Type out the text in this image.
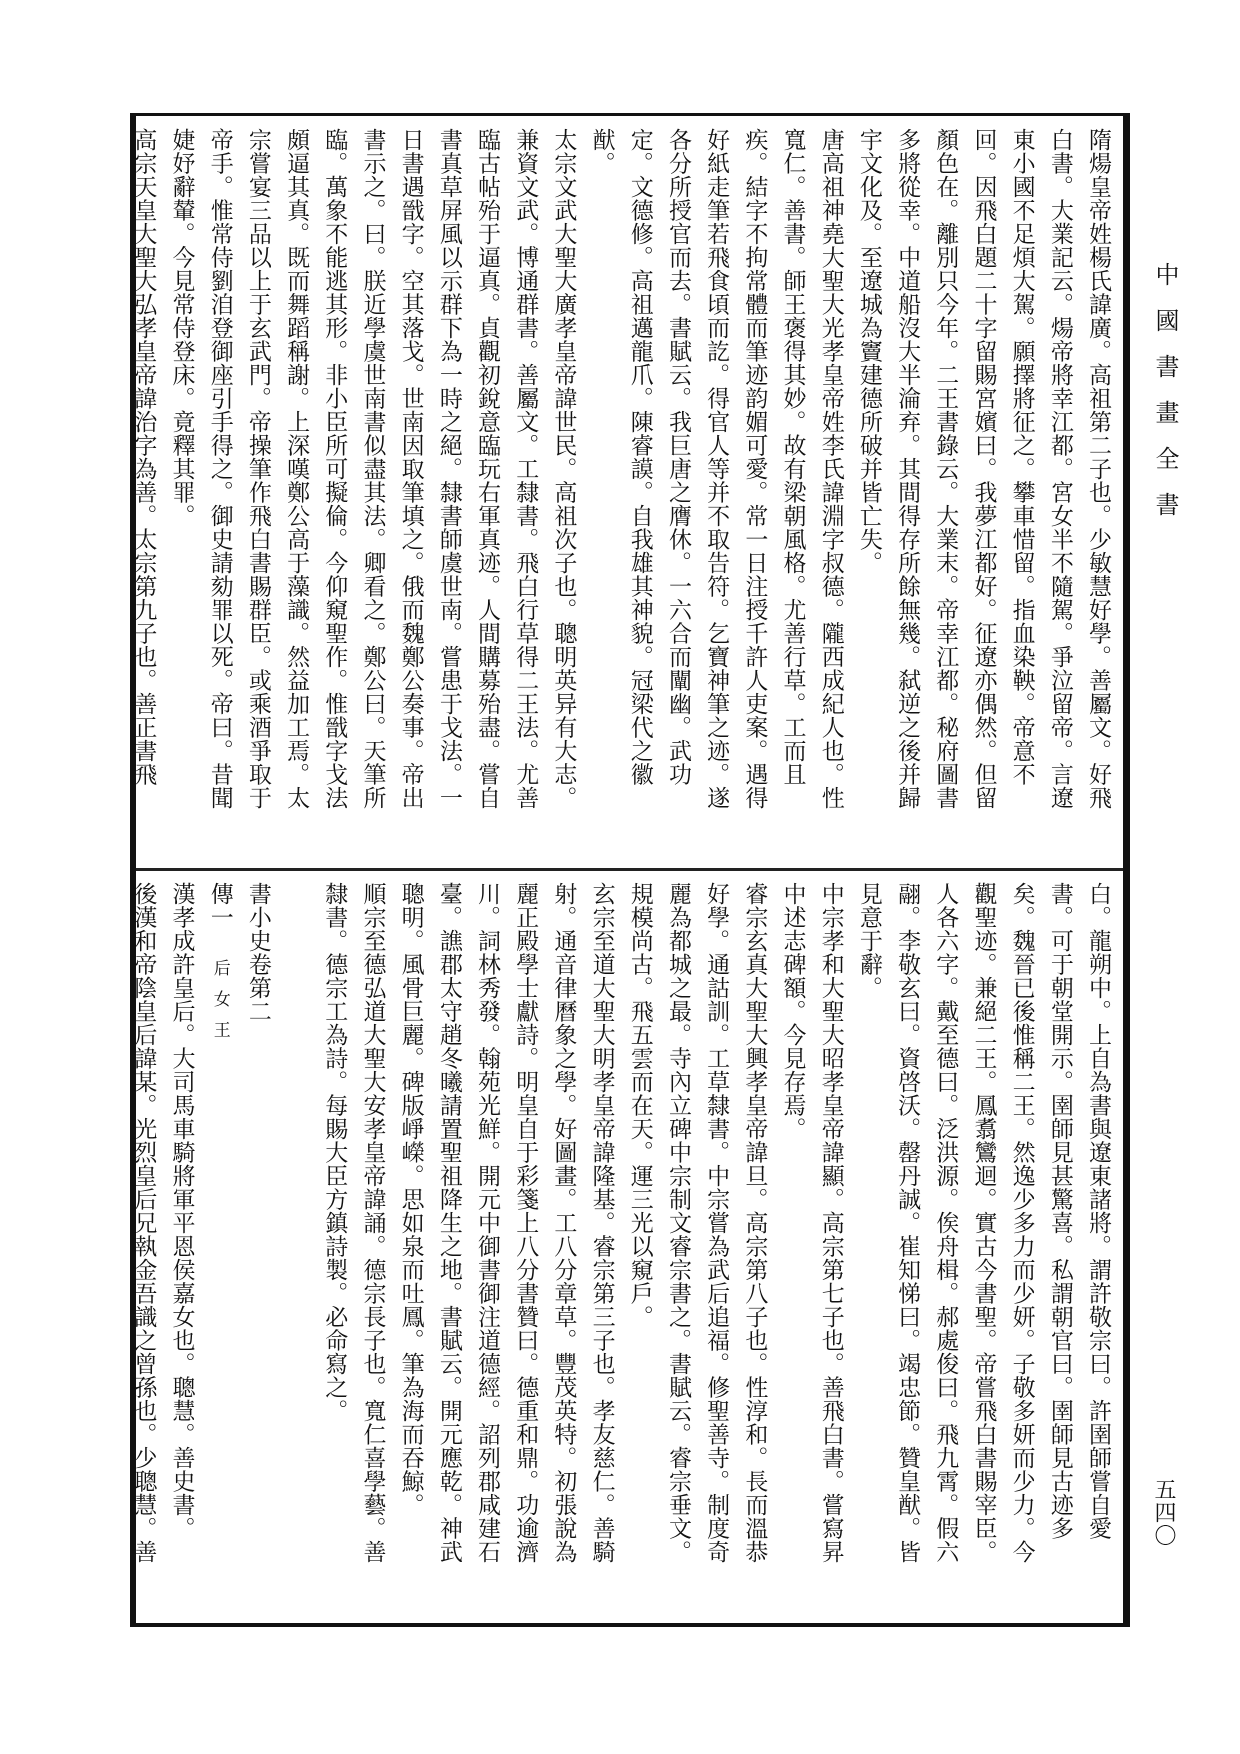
中國書畫全書
五四〇
隋煬皇帝姓楊氏諱廣。高祖第二子也。少敏慧好學。善屬文。好飛
白書。大業記云。煬帝將幸江都。宮女半不隨駕。爭泣留帝。言遼
東小國不足煩大駕。願擇將征之。攀車惜留。指血染鞅。帝意不
回。因飛白題二十字留賜宮嬪曰。我夢江都好。征遼亦偶然。但留
顏色在。離別只今年。二王書錄云。大業末。帝幸江都。秘府圖書
多將從幸。中道船沒大半淪弃。其間得存所餘無幾。弑逆之後并歸
宇文化及。至遼城為竇建德所破并皆亡失。
唐高祖神堯大聖大光孝皇帝姓李氏諱淵字叔德。隴西成紀人也。性
寬仁。善書。師王褒得其妙。故有梁朝風格。尤善行草。工而且
疾。結字不拘常體而筆迹韵媚可愛。常一日注授千許人吏案。遇得
好紙走筆若飛食頃而訖。得官人等并不取告符。乞寶神筆之迹。遂
各分所授官而去。書賦云。我巨唐之膺休。一六合而闡幽。武功
定。文德修。高祖邁龍爪。陳睿謨。自我雄其神貌。冠梁代之徽
猷。
太宗文武大聖大廣孝皇帝諱世民。高祖次子也。聰明英异有大志。
兼資文武。博通群書。善屬文。工隸書。飛白行草得二王法。尤善
臨古帖殆于逼真。貞觀初銳意臨玩右軍真迹。人間購募殆盡。嘗自
書真草屏風以示群下為一時之絕。隸書師虞世南。嘗患于戈法。一
日書遇戩字。空其落戈。世南因取筆填之。俄而魏鄭公奏事。帝出
書示之。曰。朕近學虞世南書似盡其法。卿看之。鄭公曰。天筆所
臨。萬象不能逃其形。非小臣所可擬倫。今仰窺聖作。惟戩字戈法
頗逼其真。既而舞蹈稱謝。上深嘆鄭公高于藻識。然益加工焉。太
宗嘗宴三品以上于玄武門。帝操筆作飛白書賜群臣。或乘酒爭取于
帝手。惟常侍劉洎登御座引手得之。御史請劾罪以死。帝曰。昔聞
婕妤辭輦。今見常侍登床。竟釋其罪。
高宗天皇大聖大弘孝皇帝諱治字為善。太宗第九子也。善正書飛
白。龍朔中。上自為書與遼東諸將。謂許敬宗曰。許圉師嘗自愛
書。可于朝堂開示。圉師見甚驚喜。私謂朝官曰。圉師見古迹多
矣。魏晉已後惟稱二王。然逸少多力而少妍。子敬多妍而少力。今
觀聖迹。兼絕二王。鳳翥鸞迴。實古今書聖。帝嘗飛白書賜宰臣。
人各六字。戴至德曰。泛洪源。俟舟楫。郝處俊曰。飛九霄。假六
翮。李敬玄曰。資啓沃。罄丹誠。崔知悌曰。竭忠節。贊皇猷。皆
見意于辭。
中宗孝和大聖大昭孝皇帝諱顯。高宗第七子也。善飛白書。嘗寫昇
中述志碑額。今見存焉。
睿宗玄真大聖大興孝皇帝諱旦。高宗第八子也。性淳和。長而溫恭
好學。通詁訓。工草隸書。中宗嘗為武后追福。修聖善寺。制度奇
麗為都城之最。寺內立碑中宗制文睿宗書之。書賦云。睿宗垂文。
規模尚古。飛五雲而在天。運三光以窺戶。
玄宗至道大聖大明孝皇帝諱隆基。睿宗第三子也。孝友慈仁。善騎
射。通音律曆象之學。好圖畫。工八分章草。豐茂英特。初張說為
麗正殿學士獻詩。明皇自于彩箋上八分書贊曰。德重和鼎。功逾濟
川。詞林秀發。翰苑光鮮。開元中御書御注道德經。詔列郡咸建石
臺。譙郡太守趙冬曦請置聖祖降生之地。書賦云。開元應乾。神武
聰明。風骨巨麗。碑版崢嶸。思如泉而吐鳳。筆為海而吞鯨。
順宗至德弘道大聖大安孝皇帝諱誦。德宗長子也。寬仁喜學藝。善
隸書。德宗工為詩。每賜大臣方鎮詩製。必命寫之。
書小史卷第二
傳一后女王
漢孝成許皇后。大司馬車騎將軍平恩侯嘉女也。聰慧。善史書。
後漢和帝陰皇后諱某。光烈皇后兄執金吾識之曾孫也。少聰慧。善
